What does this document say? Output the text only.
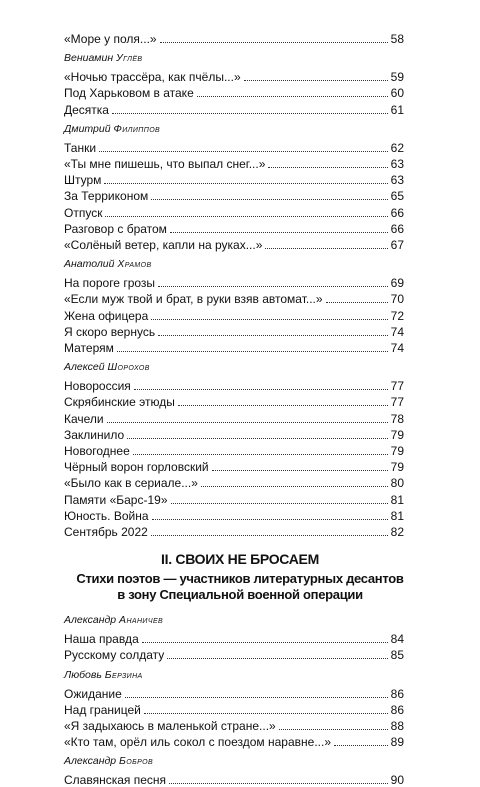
«Море у поля...»	58
Вениамин Углёв
«Ночью трассёра, как пчёлы...»	59
Под Харьковом в атаке	60
Десятка	61
Дмитрий Филиппов
Танки	62
«Ты мне пишешь, что выпал снег...»	63
Штурм	63
За Терриконом	65
Отпуск	66
Разговор с братом	66
«Солёный ветер, капли на руках...»	67
Анатолий Храмов
На пороге грозы	69
«Если муж твой и брат, в руки взяв автомат...»	70
Жена офицера	72
Я скоро вернусь	74
Матерям	74
Алексей Шорохов
Новороссия	77
Скрябинские этюды	77
Качели	78
Заклинило	79
Новогоднее	79
Чёрный ворон горловский	79
«Было как в сериале...»	80
Памяти «Барс-19»	81
Юность. Война	81
Сентябрь 2022	82
II. СВОИХ НЕ БРОСАЕМ
Стихи поэтов — участников литературных десантов
в зону Специальной военной операции
Александр Ананичев
Наша правда	84
Русскому солдату	85
Любовь Берзина
Ожидание	86
Над границей	86
«Я задыхаюсь в маленькой стране...»	88
«Кто там, орёл иль сокол с поездом наравне...»	89
Александр Бобров
Славянская песня	90
